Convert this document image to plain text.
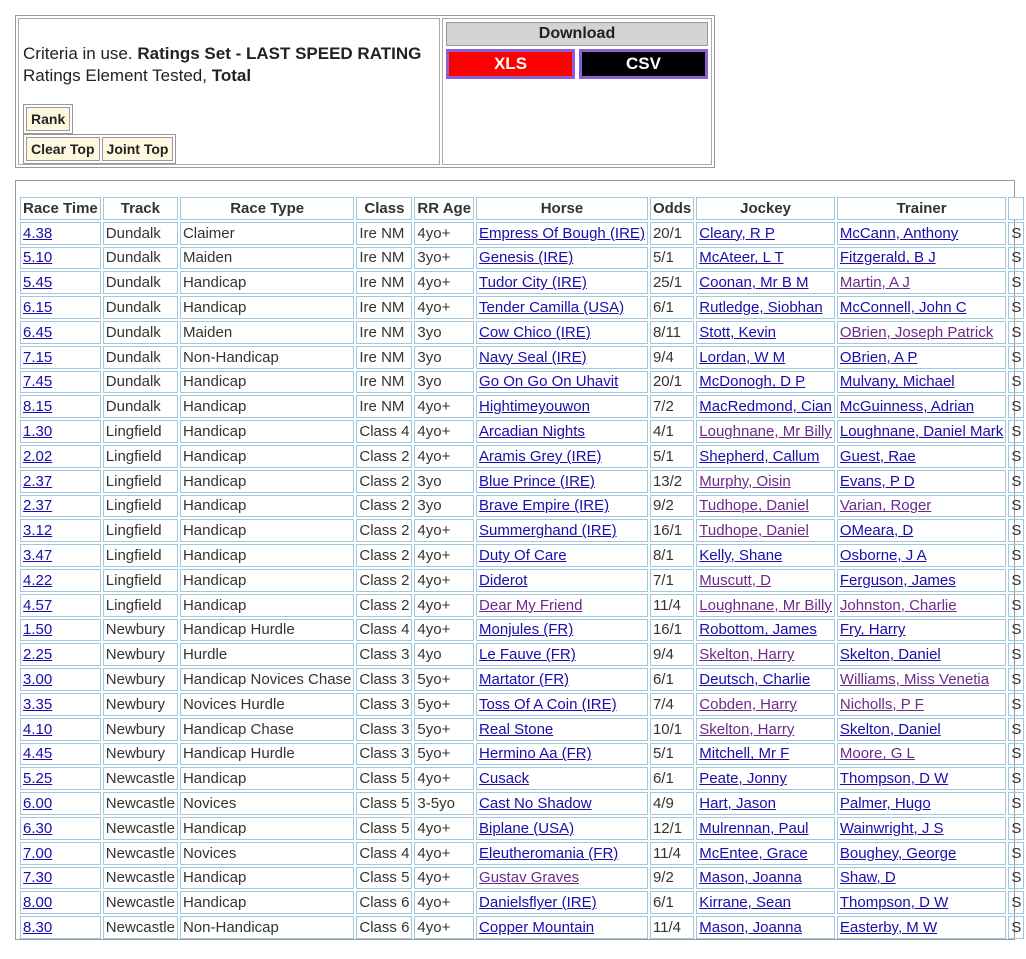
Criteria in use. Ratings Set - LAST SPEED RATING
Ratings Element Tested, Total
Rank
Clear Top Joint Top
Download
XLS	CSV
Race Time	Track	Race Type	Class	RR Age	Horse	Odds	Jockey	Trainer	
4.38	Dundalk	Claimer	Ire NM	4yo+	Empress Of Bough (IRE)	20/1	Cleary, R P	McCann, Anthony	S
5.10	Dundalk	Maiden	Ire NM	3yo+	Genesis (IRE)	5/1	McAteer, L T	Fitzgerald, B J	S
5.45	Dundalk	Handicap	Ire NM	4yo+	Tudor City (IRE)	25/1	Coonan, Mr B M	Martin, A J	S
6.15	Dundalk	Handicap	Ire NM	4yo+	Tender Camilla (USA)	6/1	Rutledge, Siobhan	McConnell, John C	S
6.45	Dundalk	Maiden	Ire NM	3yo	Cow Chico (IRE)	8/11	Stott, Kevin	OBrien, Joseph Patrick	S
7.15	Dundalk	Non-Handicap	Ire NM	3yo	Navy Seal (IRE)	9/4	Lordan, W M	OBrien, A P	S
7.45	Dundalk	Handicap	Ire NM	3yo	Go On Go On Uhavit	20/1	McDonogh, D P	Mulvany, Michael	S
8.15	Dundalk	Handicap	Ire NM	4yo+	Hightimeyouwon	7/2	MacRedmond, Cian	McGuinness, Adrian	S
1.30	Lingfield	Handicap	Class 4	4yo+	Arcadian Nights	4/1	Loughnane, Mr Billy	Loughnane, Daniel Mark	S
2.02	Lingfield	Handicap	Class 2	4yo+	Aramis Grey (IRE)	5/1	Shepherd, Callum	Guest, Rae	S
2.37	Lingfield	Handicap	Class 2	3yo	Blue Prince (IRE)	13/2	Murphy, Oisin	Evans, P D	S
2.37	Lingfield	Handicap	Class 2	3yo	Brave Empire (IRE)	9/2	Tudhope, Daniel	Varian, Roger	S
3.12	Lingfield	Handicap	Class 2	4yo+	Summerghand (IRE)	16/1	Tudhope, Daniel	OMeara, D	S
3.47	Lingfield	Handicap	Class 2	4yo+	Duty Of Care	8/1	Kelly, Shane	Osborne, J A	S
4.22	Lingfield	Handicap	Class 2	4yo+	Diderot	7/1	Muscutt, D	Ferguson, James	S
4.57	Lingfield	Handicap	Class 2	4yo+	Dear My Friend	11/4	Loughnane, Mr Billy	Johnston, Charlie	S
1.50	Newbury	Handicap Hurdle	Class 4	4yo+	Monjules (FR)	16/1	Robottom, James	Fry, Harry	S
2.25	Newbury	Hurdle	Class 3	4yo	Le Fauve (FR)	9/4	Skelton, Harry	Skelton, Daniel	S
3.00	Newbury	Handicap Novices Chase	Class 3	5yo+	Martator (FR)	6/1	Deutsch, Charlie	Williams, Miss Venetia	S
3.35	Newbury	Novices Hurdle	Class 3	5yo+	Toss Of A Coin (IRE)	7/4	Cobden, Harry	Nicholls, P F	S
4.10	Newbury	Handicap Chase	Class 3	5yo+	Real Stone	10/1	Skelton, Harry	Skelton, Daniel	S
4.45	Newbury	Handicap Hurdle	Class 3	5yo+	Hermino Aa (FR)	5/1	Mitchell, Mr F	Moore, G L	S
5.25	Newcastle	Handicap	Class 5	4yo+	Cusack	6/1	Peate, Jonny	Thompson, D W	S
6.00	Newcastle	Novices	Class 5	3-5yo	Cast No Shadow	4/9	Hart, Jason	Palmer, Hugo	S
6.30	Newcastle	Handicap	Class 5	4yo+	Biplane (USA)	12/1	Mulrennan, Paul	Wainwright, J S	S
7.00	Newcastle	Novices	Class 4	4yo+	Eleutheromania (FR)	11/4	McEntee, Grace	Boughey, George	S
7.30	Newcastle	Handicap	Class 5	4yo+	Gustav Graves	9/2	Mason, Joanna	Shaw, D	S
8.00	Newcastle	Handicap	Class 6	4yo+	Danielsflyer (IRE)	6/1	Kirrane, Sean	Thompson, D W	S
8.30	Newcastle	Non-Handicap	Class 6	4yo+	Copper Mountain	11/4	Mason, Joanna	Easterby, M W	S
